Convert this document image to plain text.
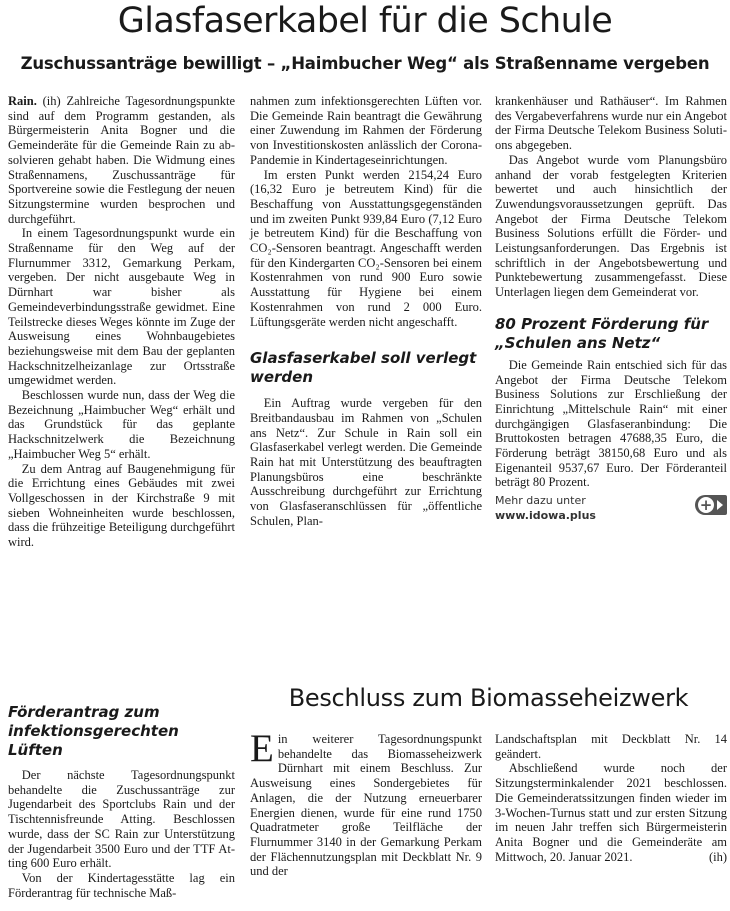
Glasfaserkabel für die Schule
Zuschussanträge bewilligt – „Haimbucher Weg“ als Straßenname vergeben

Rain. (ih) Zahlreiche Tagesordnungspunkte sind auf dem Programm gestanden, als Bürgermeisterin Anita Bogner und die Gemeinderäte für die Gemeinde Rain zu absolvieren gehabt haben. Die Widmung eines Straßennamens, Zuschussanträge für Sportvereine sowie die Festlegung der neuen Sitzungstermine wurden besprochen und durchgeführt.

In einem Tagesordnungspunkt wurde ein Straßenname für den Weg auf der Flurnummer 3312, Gemarkung Perkam, vergeben. Der nicht ausgebaute Weg in Dürnhart war bisher als Gemeindeverbindungsstraße gewidmet. Eine Teilstrecke dieses Weges könnte im Zuge der Ausweisung eines Wohnbaugebietes beziehungsweise mit dem Bau der geplanten Hackschnitzelheizanlage zur Ortsstraße umgewidmet werden.

Beschlossen wurde nun, dass der Weg die Bezeichnung „Haimbucher Weg“ erhält und das Grundstück für das geplante Hackschnitzelwerk die Bezeichnung „Haimbucher Weg 5“ erhält.

Zu dem Antrag auf Baugenehmigung für die Errichtung eines Gebäudes mit zwei Vollgeschossen in der Kirchstraße 9 mit sieben Wohneinheiten wurde beschlossen, dass die frühzeitige Beteiligung durchgeführt wird.

nahmen zum infektionsgerechten Lüften vor. Die Gemeinde Rain beantragt die Gewährung einer Zuwendung im Rahmen der Förderung von Investitionskosten anlässlich der Corona-Pandemie in Kindertageseinrichtungen.

Im ersten Punkt werden 2154,24 Euro (16,32 Euro je betreutem Kind) für die Beschaffung von Ausstattungsgegenständen und im zweiten Punkt 939,84 Euro (7,12 Euro je betreutem Kind) für die Beschaffung von CO₂-Sensoren beantragt. Angeschafft werden für den Kindergarten CO₂-Sensoren bei einem Kostenrahmen von rund 900 Euro sowie Ausstattung für Hygiene bei einem Kostenrahmen von rund 2 000 Euro. Lüftungsgeräte werden nicht angeschafft.

Glasfaserkabel soll verlegt werden

Ein Auftrag wurde vergeben für den Breitbandausbau im Rahmen von „Schulen ans Netz“. Zur Schule in Rain soll ein Glasfaserkabel verlegt werden. Die Gemeinde Rain hat mit Unterstützung des beauftragten Planungsbüros eine beschränkte Ausschreibung durchgeführt zur Errichtung von Glasfaseranschlüssen für „öffentliche Schulen, Plan-

krankenhäuser und Rathäuser“. Im Rahmen des Vergabeverfahrens wurde nur ein Angebot der Firma Deutsche Telekom Business Solutions abgegeben.

Das Angebot wurde vom Planungsbüro anhand der vorab festgelegten Kriterien bewertet und auch hinsichtlich der Zuwendungsvoraussetzungen geprüft. Das Angebot der Firma Deutsche Telekom Business Solutions erfüllt die Förder- und Leistungsanforderungen. Das Ergebnis ist schriftlich in der Angebotsbewertung und Punktebewertung zusammengefasst. Diese Unterlagen liegen dem Gemeinderat vor.

80 Prozent Förderung für „Schulen ans Netz“

Die Gemeinde Rain entschied sich für das Angebot der Firma Deutsche Telekom Business Solutions zur Erschließung der Einrichtung „Mittelschule Rain“ mit einer durchgängigen Glasfaseranbindung: Die Bruttokosten betragen 47688,35 Euro, die Förderung beträgt 38150,68 Euro und als Eigenanteil 9537,67 Euro. Der Förderanteil beträgt 80 Prozent.

Mehr dazu unter
www.idowa.plus
+
Förderantrag zum infektionsgerechten Lüften

Der nächste Tagesordnungspunkt behandelte die Zuschussanträge zur Jugendarbeit des Sportclubs Rain und der Tischtennisfreunde Atting. Beschlossen wurde, dass der SC Rain zur Unterstützung der Jugendarbeit 3500 Euro und der TTF Atting 600 Euro erhält.

Von der Kindertagesstätte lag ein Förderantrag für technische Maß-

Beschluss zum Biomasseheizwerk

Ein weiterer Tagesordnungspunkt behandelte das Biomasseheizwerk Dürnhart mit einem Beschluss. Zur Ausweisung eines Sondergebietes für Anlagen, die der Nutzung erneuerbarer Energien dienen, wurde für eine rund 1750 Quadratmeter große Teilfläche der Flurnummer 3140 in der Gemarkung Perkam der Flächennutzungsplan mit Deckblatt Nr. 9 und der

Landschaftsplan mit Deckblatt Nr. 14 geändert.

Abschließend wurde noch der Sitzungsterminkalender 2021 beschlossen. Die Gemeinderatssitzungen finden wieder im 3-Wochen-Turnus statt und zur ersten Sitzung im neuen Jahr treffen sich Bürgermeisterin Anita Bogner und die Gemeinderäte am Mittwoch, 20. Januar 2021.	(ih)
